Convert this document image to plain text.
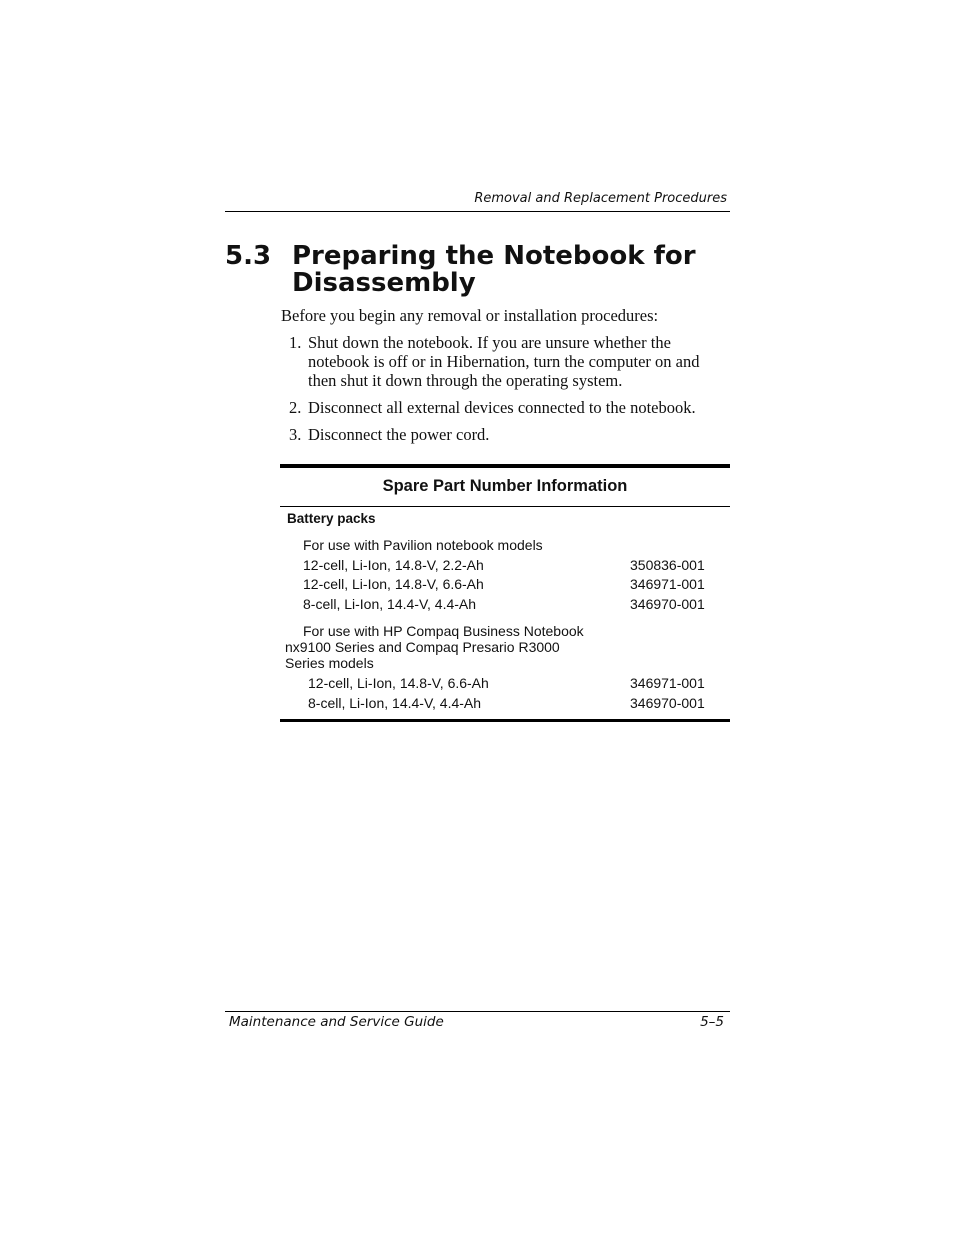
Removal and Replacement Procedures
5.3 Preparing the Notebook for Disassembly
Before you begin any removal or installation procedures:
1. Shut down the notebook. If you are unsure whether the notebook is off or in Hibernation, turn the computer on and then shut it down through the operating system.
2. Disconnect all external devices connected to the notebook.
3. Disconnect the power cord.
Spare Part Number Information
Battery packs
For use with Pavilion notebook models
12-cell, Li-Ion, 14.8-V, 2.2-Ah	350836-001
12-cell, Li-Ion, 14.8-V, 6.6-Ah	346971-001
8-cell, Li-Ion, 14.4-V, 4.4-Ah	346970-001
For use with HP Compaq Business Notebook
nx9100 Series and Compaq Presario R3000
Series models
12-cell, Li-Ion, 14.8-V, 6.6-Ah	346971-001
8-cell, Li-Ion, 14.4-V, 4.4-Ah	346970-001
Maintenance and Service Guide	5–5
